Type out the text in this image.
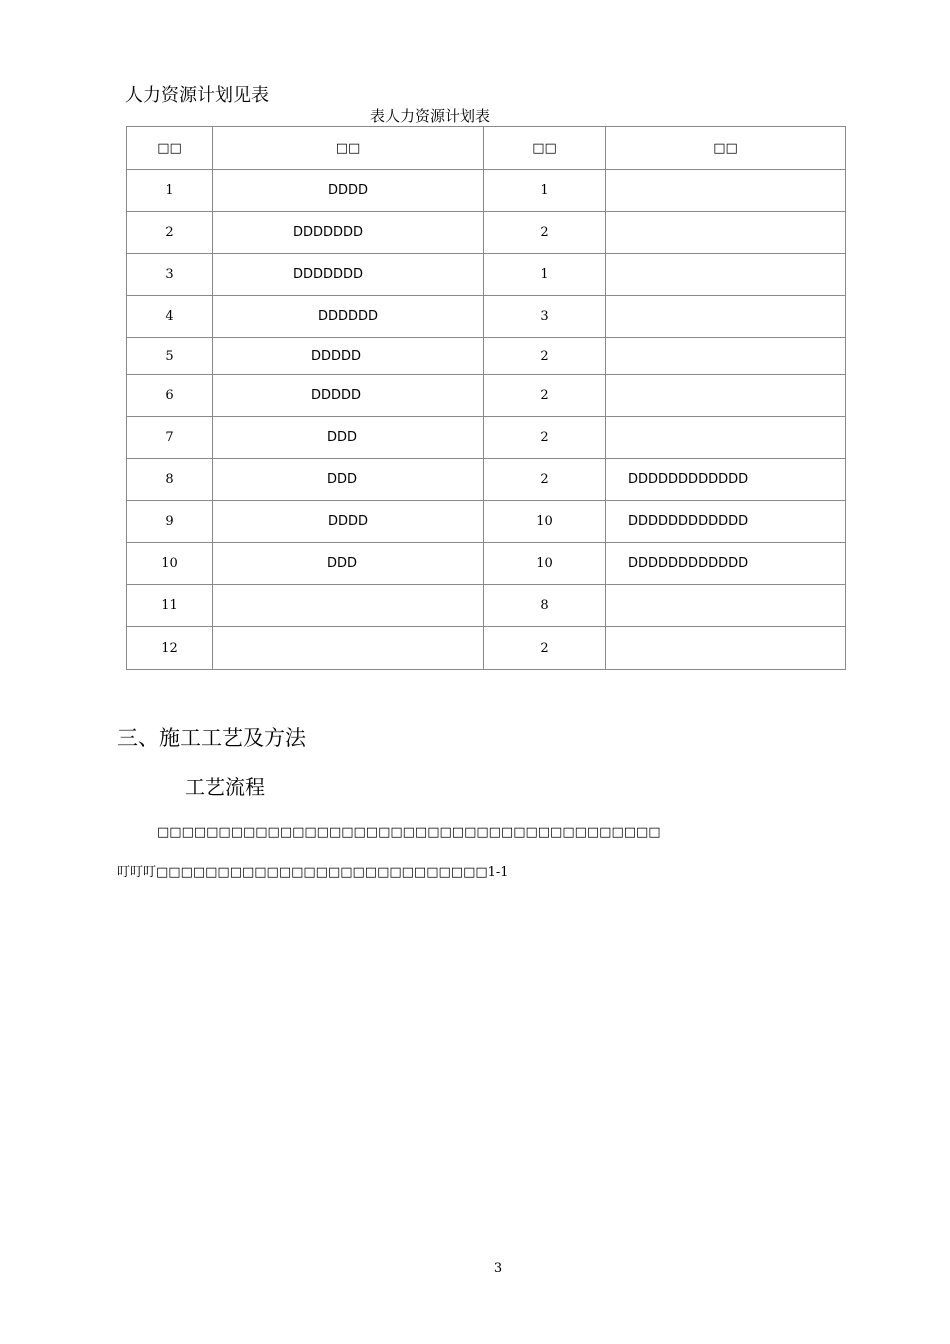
人力资源计划见表
表人力资源计划表
□□	□□	□□	□□
1	DDDD	1	
2	DDDDDDD	2	
3	DDDDDDD	1	
4	DDDDDD	3	
5	DDDDD	2	
6	DDDDD	2	
7	DDD	2	
8	DDD	2	DDDDDDDDDDDD
9	DDDD	10	DDDDDDDDDDDD
10	DDD	10	DDDDDDDDDDDD
11		8	
12		2	
三、施工工艺及方法
工艺流程
□□□□□□□□□□□□□□□□□□□□□□□□□□□□□□□□□□□□□□□□□
叮叮叮□□□□□□□□□□□□□□□□□□□□□□□□□□□1-1
3
